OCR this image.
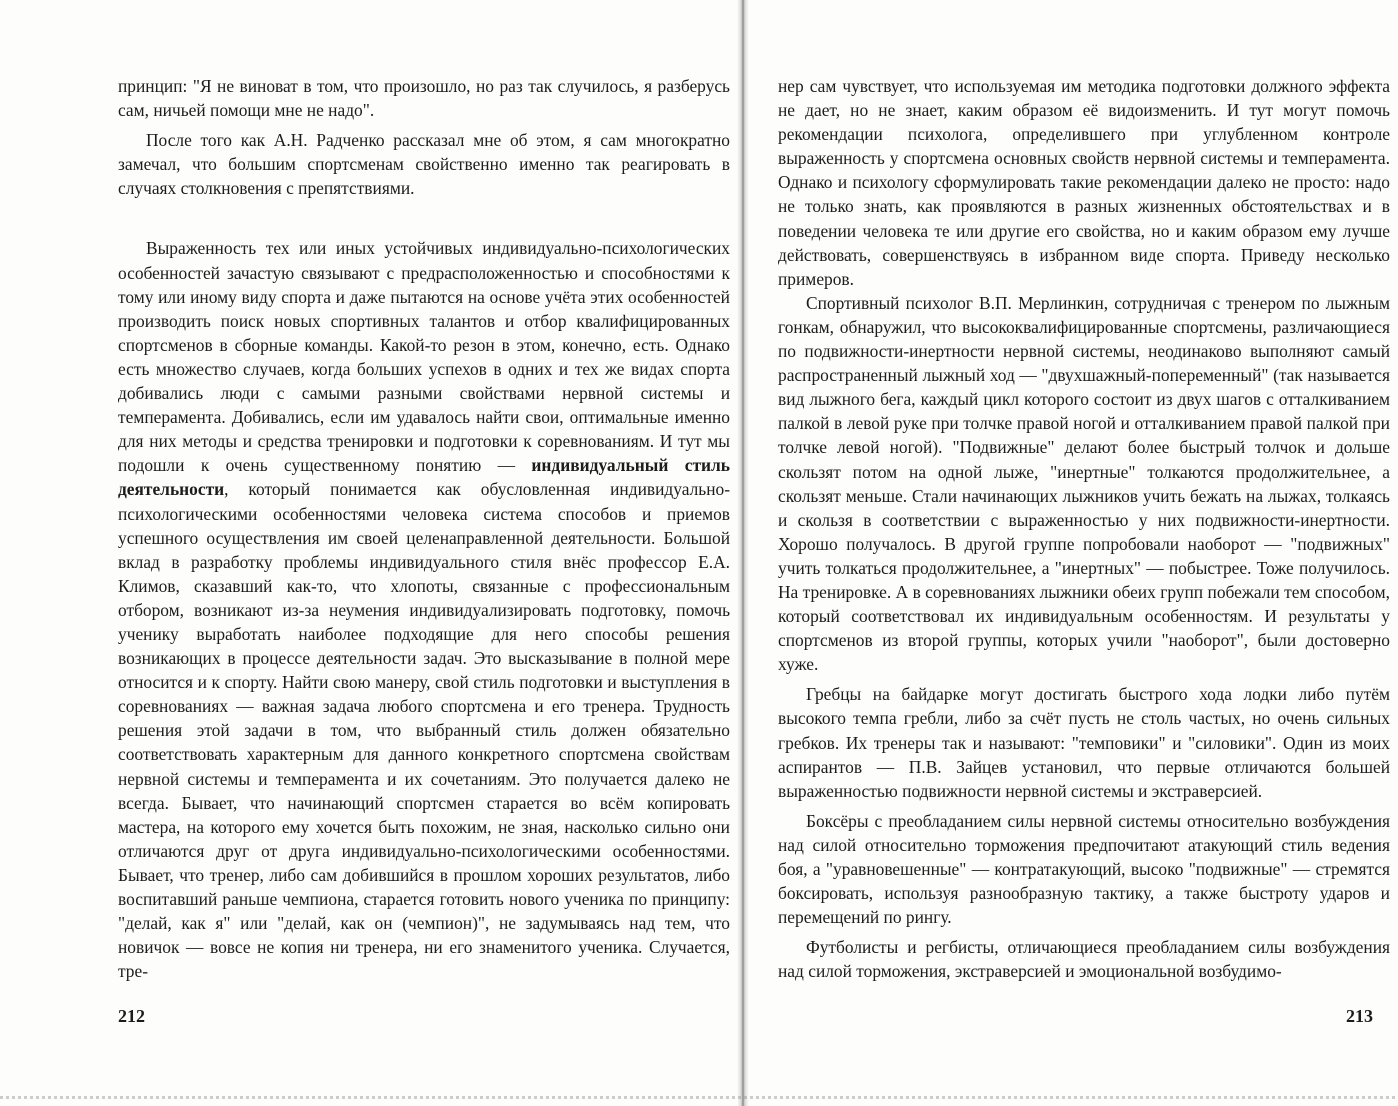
принцип: "Я не виноват в том, что произошло, но раз так случилось, я разберусь сам, ничьей помощи мне не надо".

После того как А.Н. Радченко рассказал мне об этом, я сам многократно замечал, что большим спортсменам свойственно именно так реагировать в случаях столкновения с препятствиями.

Выраженность тех или иных устойчивых индивидуально-психологических особенностей зачастую связывают с предрасположенностью и способностями к тому или иному виду спорта и даже пытаются на основе учёта этих особенностей производить поиск новых спортивных талантов и отбор квалифицированных спортсменов в сборные команды. Какой-то резон в этом, конечно, есть. Однако есть множество случаев, когда больших успехов в одних и тех же видах спорта добивались люди с самыми разными свойствами нервной системы и темперамента. Добивались, если им удавалось найти свои, оптимальные именно для них методы и средства тренировки и подготовки к соревнованиям. И тут мы подошли к очень существенному понятию — индивидуальный стиль деятельности, который понимается как обусловленная индивидуально-психологическими особенностями человека система способов и приемов успешного осуществления им своей целенаправленной деятельности. Большой вклад в разработку проблемы индивидуального стиля внёс профессор Е.А. Климов, сказавший как-то, что хлопоты, связанные с профессиональным отбором, возникают из-за неумения индивидуализировать подготовку, помочь ученику выработать наиболее подходящие для него способы решения возникающих в процессе деятельности задач. Это высказывание в полной мере относится и к спорту. Найти свою манеру, свой стиль подготовки и выступления в соревнованиях — важная задача любого спортсмена и его тренера. Трудность решения этой задачи в том, что выбранный стиль должен обязательно соответствовать характерным для данного конкретного спортсмена свойствам нервной системы и темперамента и их сочетаниям. Это получается далеко не всегда. Бывает, что начинающий спортсмен старается во всём копировать мастера, на которого ему хочется быть похожим, не зная, насколько сильно они отличаются друг от друга индивидуально-психологическими особенностями. Бывает, что тренер, либо сам добившийся в прошлом хороших результатов, либо воспитавший раньше чемпиона, старается готовить нового ученика по принципу: "делай, как я" или "делай, как он (чемпион)", не задумываясь над тем, что новичок — вовсе не копия ни тренера, ни его знаменитого ученика. Случается, тре-

212

нер сам чувствует, что используемая им методика подготовки должного эффекта не дает, но не знает, каким образом её видоизменить. И тут могут помочь рекомендации психолога, определившего при углубленном контроле выраженность у спортсмена основных свойств нервной системы и темперамента. Однако и психологу сформулировать такие рекомендации далеко не просто: надо не только знать, как проявляются в разных жизненных обстоятельствах и в поведении человека те или другие его свойства, но и каким образом ему лучше действовать, совершенствуясь в избранном виде спорта. Приведу несколько примеров.

Спортивный психолог В.П. Мерлинкин, сотрудничая с тренером по лыжным гонкам, обнаружил, что высококвалифицированные спортсмены, различающиеся по подвижности-инертности нервной системы, неодинаково выполняют самый распространенный лыжный ход — "двухшажный-попеременный" (так называется вид лыжного бега, каждый цикл которого состоит из двух шагов с отталкиванием палкой в левой руке при толчке правой ногой и отталкиванием правой палкой при толчке левой ногой). "Подвижные" делают более быстрый толчок и дольше скользят потом на одной лыже, "инертные" толкаются продолжительнее, а скользят меньше. Стали начинающих лыжников учить бежать на лыжах, толкаясь и скользя в соответствии с выраженностью у них подвижности-инертности. Хорошо получалось. В другой группе попробовали наоборот — "подвижных" учить толкаться продолжительнее, а "инертных" — побыстрее. Тоже получилось. На тренировке. А в соревнованиях лыжники обеих групп побежали тем способом, который соответствовал их индивидуальным особенностям. И результаты у спортсменов из второй группы, которых учили "наоборот", были достоверно хуже.

Гребцы на байдарке могут достигать быстрого хода лодки либо путём высокого темпа гребли, либо за счёт пусть не столь частых, но очень сильных гребков. Их тренеры так и называют: "темповики" и "силовики". Один из моих аспирантов — П.В. Зайцев установил, что первые отличаются большей выраженностью подвижности нервной системы и экстраверсией.

Боксёры с преобладанием силы нервной системы относительно возбуждения над силой относительно торможения предпочитают атакующий стиль ведения боя, а "уравновешенные" — контратакующий, высоко "подвижные" — стремятся боксировать, используя разнообразную тактику, а также быстроту ударов и перемещений по рингу.

Футболисты и регбисты, отличающиеся преобладанием силы возбуждения над силой торможения, экстраверсией и эмоциональной возбудимо-

213
